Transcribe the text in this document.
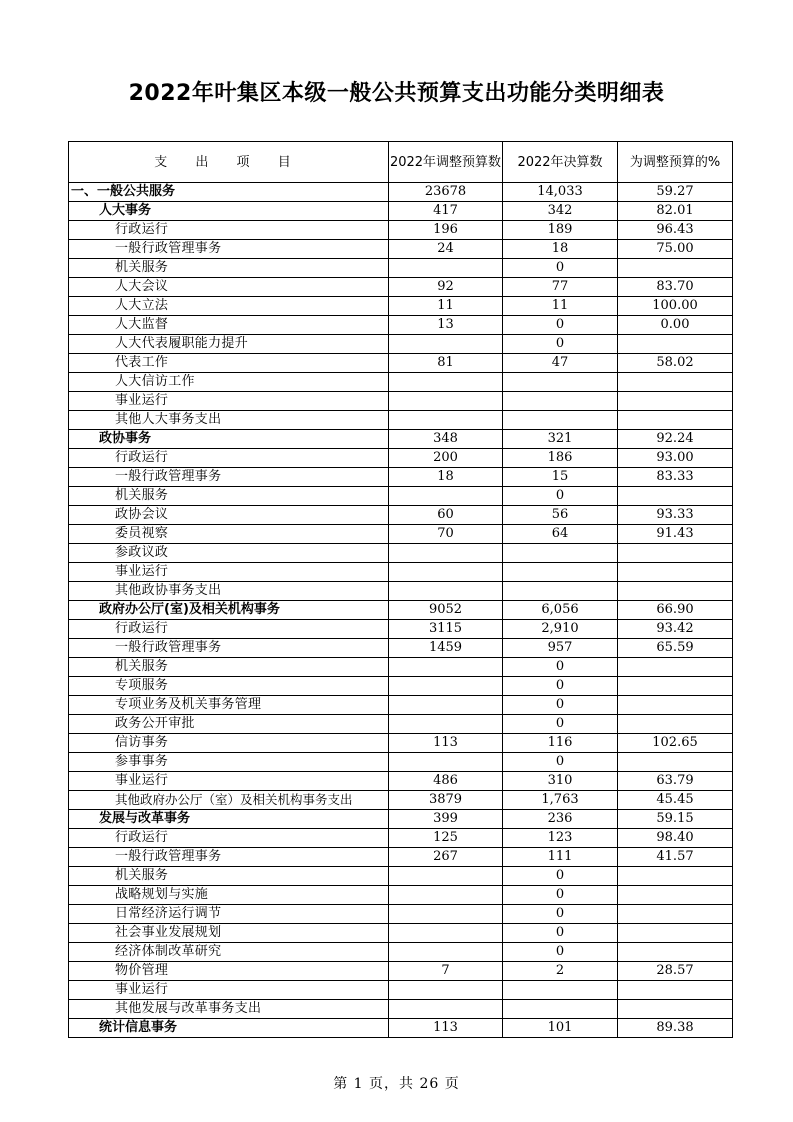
2022年叶集区本级一般公共预算支出功能分类明细表
支 出 项 目	2022年调整预算数	2022年决算数	为调整预算的%
一、一般公共服务	23678	14,033	59.27
人大事务	417	342	82.01
行政运行	196	189	96.43
一般行政管理事务	24	18	75.00
机关服务		0	
人大会议	92	77	83.70
人大立法	11	11	100.00
人大监督	13	0	0.00
人大代表履职能力提升		0	
代表工作	81	47	58.02
人大信访工作			
事业运行			
其他人大事务支出			
政协事务	348	321	92.24
行政运行	200	186	93.00
一般行政管理事务	18	15	83.33
机关服务		0	
政协会议	60	56	93.33
委员视察	70	64	91.43
参政议政			
事业运行			
其他政协事务支出			
政府办公厅(室)及相关机构事务	9052	6,056	66.90
行政运行	3115	2,910	93.42
一般行政管理事务	1459	957	65.59
机关服务		0	
专项服务		0	
专项业务及机关事务管理		0	
政务公开审批		0	
信访事务	113	116	102.65
参事事务		0	
事业运行	486	310	63.79
其他政府办公厅（室）及相关机构事务支出	3879	1,763	45.45
发展与改革事务	399	236	59.15
行政运行	125	123	98.40
一般行政管理事务	267	111	41.57
机关服务		0	
战略规划与实施		0	
日常经济运行调节		0	
社会事业发展规划		0	
经济体制改革研究		0	
物价管理	7	2	28.57
事业运行			
其他发展与改革事务支出			
统计信息事务	113	101	89.38
第 1 页，共 26 页
